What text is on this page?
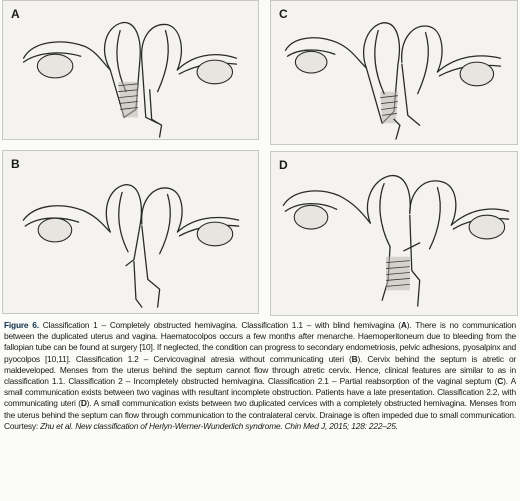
A	C
B	D
Figure 6. Classification 1 – Completely obstructed hemivagina. Classification 1.1 – with blind hemivagina (A). There is no communication between the duplicated uterus and vagina. Haematocolpos occurs a few months after menarche. Haemoperitoneum due to bleeding from the fallopian tube can be found at surgery [10]. If neglected, the condition can progress to secondary endometriosis, pelvic adhesions, pyosalpinx and pyocolpos [10,11]. Classification 1.2 – Cervicovaginal atresia without communicating uteri (B). Cervix behind the septum is atretic or maldeveloped. Menses from the uterus behind the septum cannot flow through atretic cervix. Hence, clinical features are similar to as in classification 1.1. Classification 2 – Incompletely obstructed hemivagina. Classification 2.1 – Partial reabsorption of the vaginal septum (C). A small communication exists between two vaginas with resultant incomplete obstruction. Patients have a late presentation. Classification 2.2, with communicating uteri (D). A small communication exists between two duplicated cervices with a completely obstructed hemivagina. Menses from the uterus behind the septum can flow through communication to the contralateral cervix. Drainage is often impeded due to small communication. Courtesy: Zhu et al. New classification of Herlyn-Werner-Wunderlich syndrome. Chin Med J, 2015; 128: 222–25.
